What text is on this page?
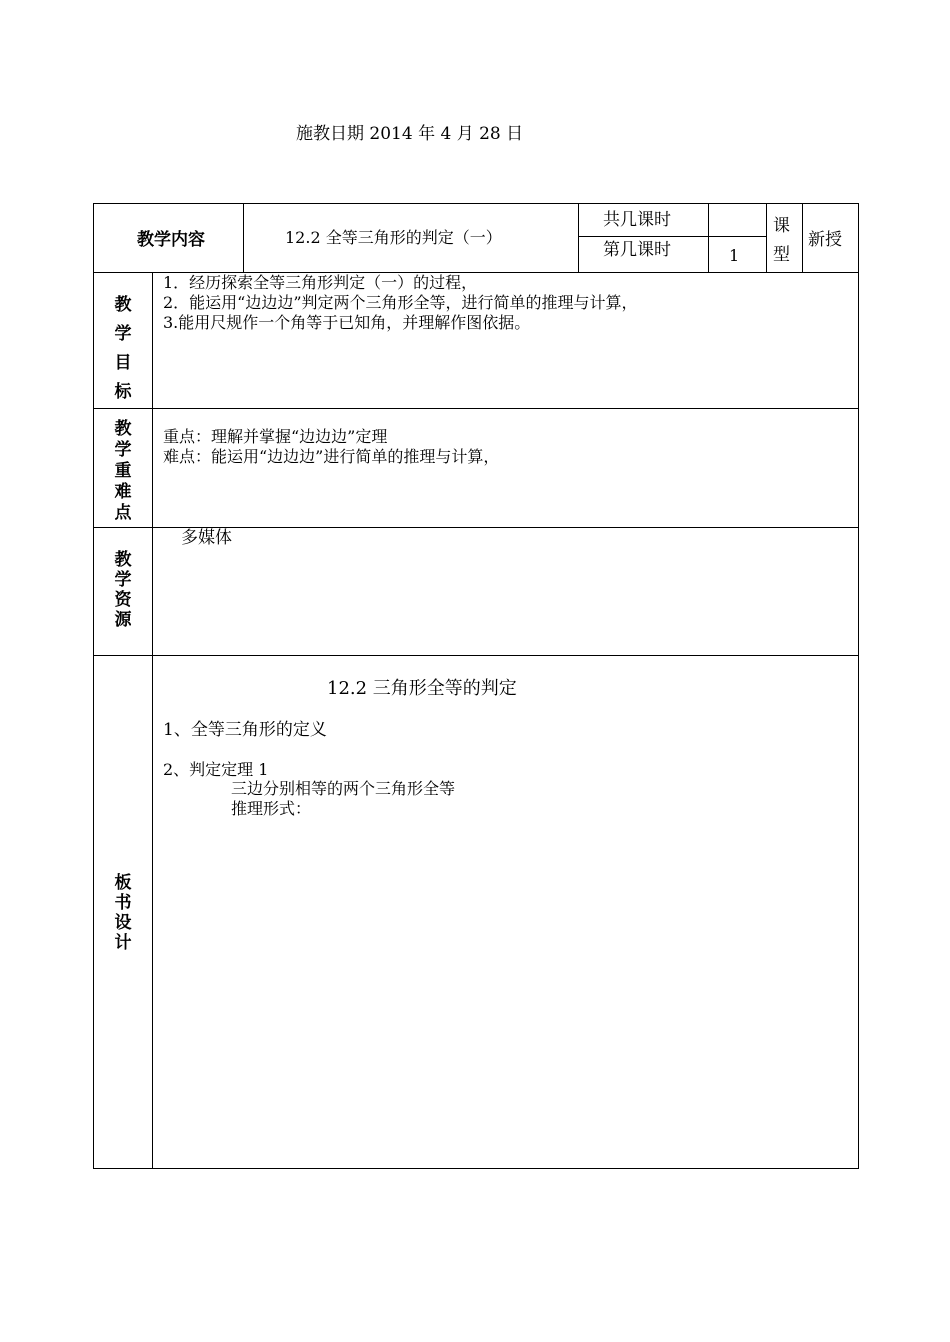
施教日期 2014 年 4 月 28 日
教学内容	12.2 全等三角形的判定（一）
共几课时
第几课时	1
课
型
新授
教
学
目
标
1．经历探索全等三角形判定（一）的过程，
2．能运用“边边边”判定两个三角形全等，进行简单的推理与计算，
3.能用尺规作一个角等于已知角，并理解作图依据。
教
学
重
难
点
重点：理解并掌握“边边边”定理
难点：能运用“边边边”进行简单的推理与计算，
教
学
资
源
多媒体
板
书
设
计
12.2 三角形全等的判定
1、全等三角形的定义
2、判定定理 1
三边分别相等的两个三角形全等
推理形式：
